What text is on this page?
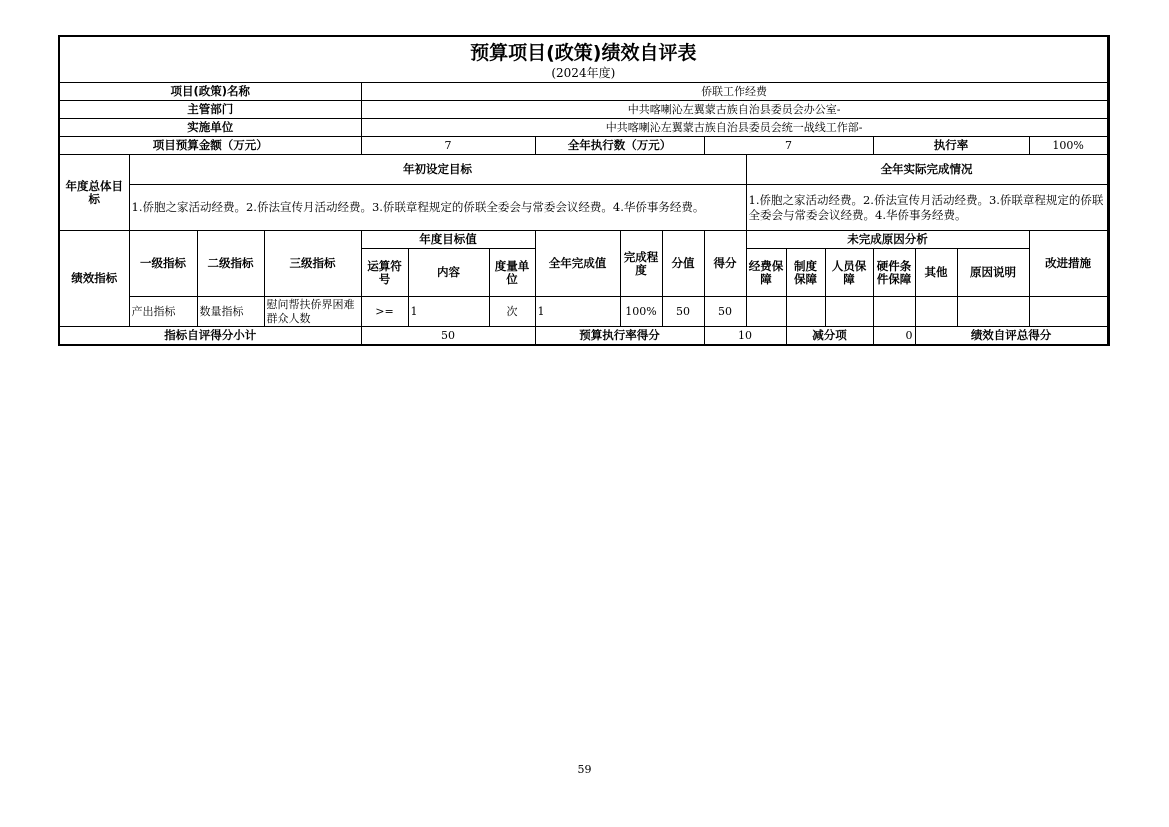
预算项目(政策)绩效自评表																		
(2024年度)																		
项目(政策)名称				侨联工作经费														
主管部门				中共喀喇沁左翼蒙古族自治县委员会办公室-														
实施单位				中共喀喇沁左翼蒙古族自治县委员会统一战线工作部-														
项目预算金额（万元）				7			全年执行数（万元）			7				执行率			100%	
年度总体目标	年初设定目标										全年实际完成情况							
	1.侨胞之家活动经费。2.侨法宣传月活动经费。3.侨联章程规定的侨联全委会与常委会议经费。4.华侨事务经费。										1.侨胞之家活动经费。2.侨法宣传月活动经费。3.侨联章程规定的侨联全委会与常委会议经费。4.华侨事务经费。							
绩效指标	一级指标	二级指标	三级指标	年度目标值			全年完成值	完成程度	分值	得分	未完成原因分析						改进措施	
				运算符号	内容	度量单位					经费保障	制度保障	人员保障	硬件条件保障	其他	原因说明		
	产出指标	数量指标	慰问帮扶侨界困难群众人数	>=	1	次	1	100%	50	50								
指标自评得分小计				50			预算执行率得分			10		减分项		0	绩效自评总得分	
59
